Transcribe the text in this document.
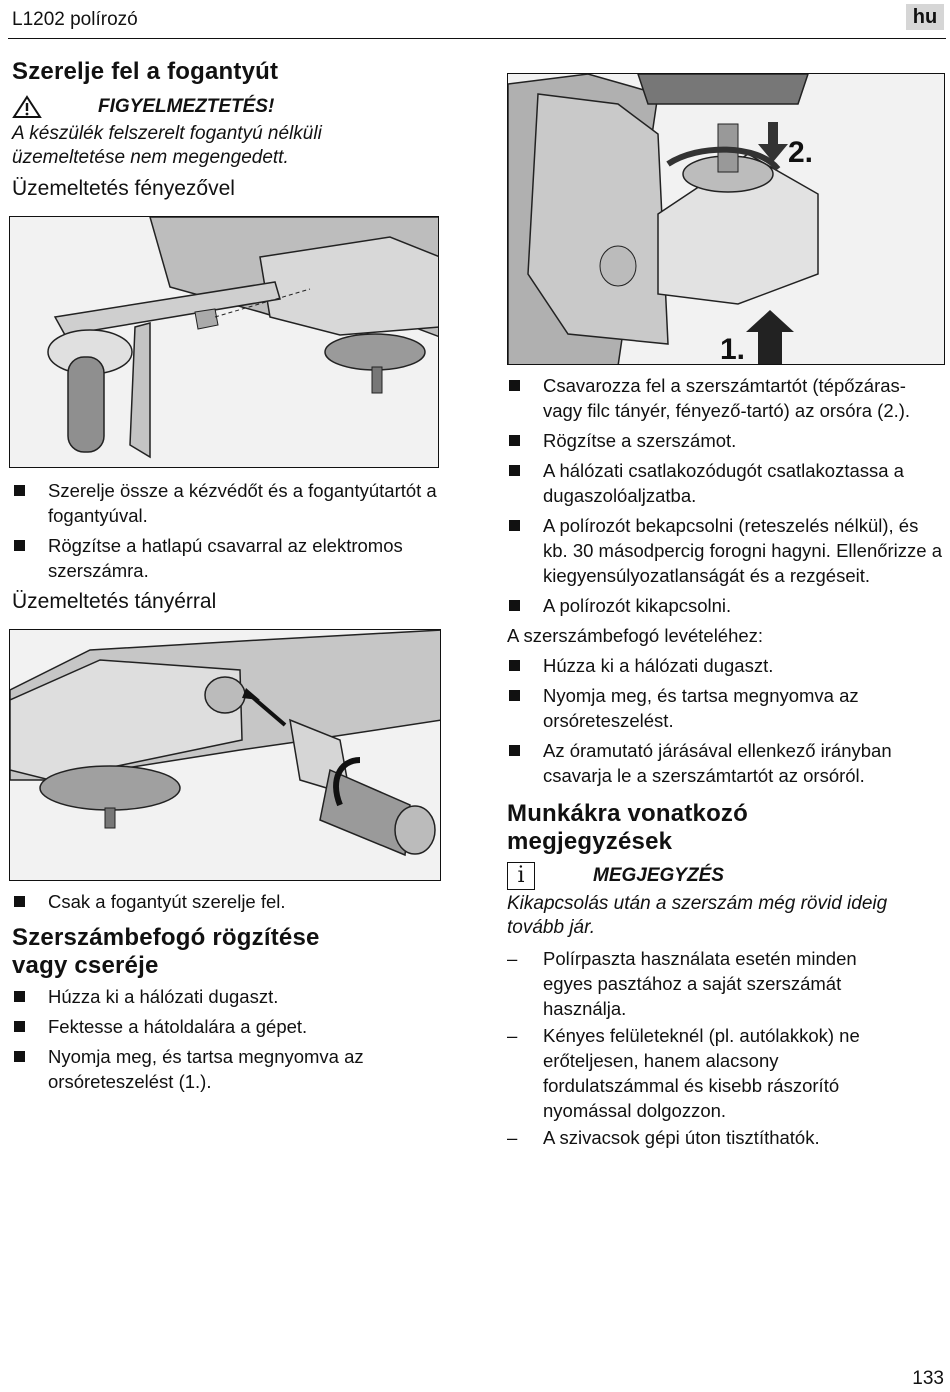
L1202 polírozó	hu
Szerelje fel a fogantyút
FIGYELMEZTETÉS!
A készülék felszerelt fogantyú nélküli üzemeltetése nem megengedett.
Üzemeltetés fényezővel
Szerelje össze a kézvédőt és a fogantyútartót a fogantyúval.
Rögzítse a hatlapú csavarral az elektromos szerszámra.
Üzemeltetés tányérral
Csak a fogantyút szerelje fel.
Szerszámbefogó rögzítése
vagy cseréje
Húzza ki a hálózati dugaszt.
Fektesse a hátoldalára a gépet.
Nyomja meg, és tartsa megnyomva az orsóreteszelést (1.).
2.
1.
Csavarozza fel a szerszámtartót (tépőzáras- vagy filc tányér, fényező-tartó) az orsóra (2.).
Rögzítse a szerszámot.
A hálózati csatlakozódugót csatlakoztassa a dugaszolóaljzatba.
A polírozót bekapcsolni (reteszelés nélkül), és kb. 30 másodpercig forogni hagyni. Ellenőrizze a kiegyensúlyozatlanságát és a rezgéseit.
A polírozót kikapcsolni.
A szerszámbefogó levételéhez:
Húzza ki a hálózati dugaszt.
Nyomja meg, és tartsa megnyomva az orsóreteszelést.
Az óramutató járásával ellenkező irányban csavarja le a szerszámtartót az orsóról.
Munkákra vonatkozó
megjegyzések
i	MEGJEGYZÉS
Kikapcsolás után a szerszám még rövid ideig tovább jár.
– Polírpaszta használata esetén minden egyes pasztához a saját szerszámát használja.
– Kényes felületeknél (pl. autólakkok) ne erőteljesen, hanem alacsony fordulatszámmal és kisebb rászorító nyomással dolgozzon.
– A szivacsok gépi úton tisztíthatók.
133
